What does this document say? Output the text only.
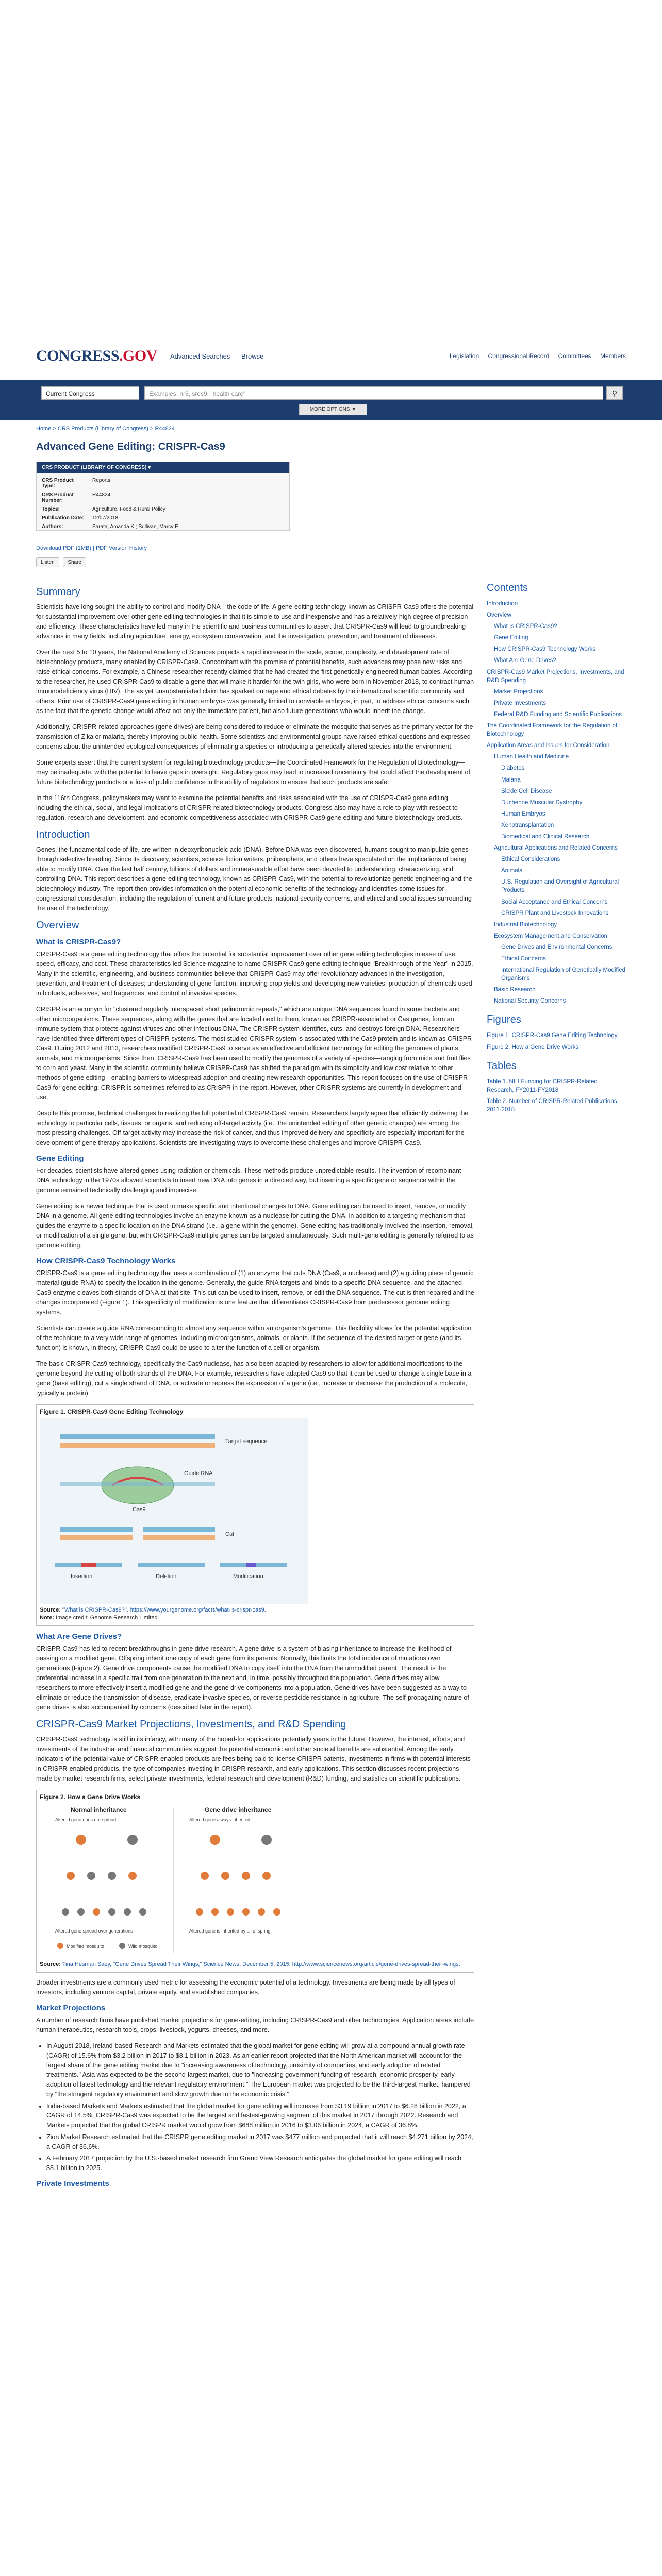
CONGRESS.GOV Advanced Searches Browse	Legislation Congressional Record Committees Members
Current Congress	Examples: hr5, sres9, "health care"	⚲
MORE OPTIONS ▼
Home > CRS Products (Library of Congress) > R44824
Advanced Gene Editing: CRISPR-Cas9
CRS PRODUCT (LIBRARY OF CONGRESS) ▾
CRS Product Type:	Reports
CRS Product Number:	R44824
Topics:	Agriculture, Food & Rural Policy
Publication Date:	12/07/2018
Authors:	Sarata, Amanda K.; Sullivan, Marcy E.
Download PDF (1MB) | PDF Version History
Listen	Share
Summary

Scientists have long sought the ability to control and modify DNA—the code of life. A gene-editing technology known as CRISPR-Cas9 offers the potential for substantial improvement over other gene editing technologies in that it is simple to use and inexpensive and has a relatively high degree of precision and efficiency. These characteristics have led many in the scientific and business communities to assert that CRISPR-Cas9 will lead to groundbreaking advances in many fields, including agriculture, energy, ecosystem conservation, and the investigation, prevention, and treatment of diseases.

Over the next 5 to 10 years, the National Academy of Sciences projects a rapid increase in the scale, scope, complexity, and development rate of biotechnology products, many enabled by CRISPR-Cas9. Concomitant with the promise of potential benefits, such advances may pose new risks and raise ethical concerns. For example, a Chinese researcher recently claimed that he had created the first genetically engineered human babies. According to the researcher, he used CRISPR-Cas9 to disable a gene that will make it harder for the twin girls, who were born in November 2018, to contract human immunodeficiency virus (HIV). The as yet unsubstantiated claim has sparked outrage and ethical debates by the international scientific community and others. Prior use of CRISPR-Cas9 gene editing in human embryos was generally limited to nonviable embryos, in part, to address ethical concerns such as the fact that the genetic change would affect not only the immediate patient, but also future generations who would inherit the change.

Additionally, CRISPR-related approaches (gene drives) are being considered to reduce or eliminate the mosquito that serves as the primary vector for the transmission of Zika or malaria, thereby improving public health. Some scientists and environmental groups have raised ethical questions and expressed concerns about the unintended ecological consequences of eliminating a species or introducing a genetically altered species into the environment.

Some experts assert that the current system for regulating biotechnology products—the Coordinated Framework for the Regulation of Biotechnology—may be inadequate, with the potential to leave gaps in oversight. Regulatory gaps may lead to increased uncertainty that could affect the development of future biotechnology products or a loss of public confidence in the ability of regulators to ensure that such products are safe.

In the 116th Congress, policymakers may want to examine the potential benefits and risks associated with the use of CRISPR-Cas9 gene editing, including the ethical, social, and legal implications of CRISPR-related biotechnology products. Congress also may have a role to play with respect to regulation, research and development, and economic competitiveness associated with CRISPR-Cas9 gene editing and future biotechnology products.

Introduction

Genes, the fundamental code of life, are written in deoxyribonucleic acid (DNA). Before DNA was even discovered, humans sought to manipulate genes through selective breeding. Since its discovery, scientists, science fiction writers, philosophers, and others have speculated on the implications of being able to modify DNA. Over the last half century, billions of dollars and immeasurable effort have been devoted to understanding, characterizing, and controlling DNA. This report describes a gene-editing technology, known as CRISPR-Cas9, with the potential to revolutionize genetic engineering and the biotechnology industry. The report then provides information on the potential economic benefits of the technology and identifies some issues for congressional consideration, including the regulation of current and future products, national security concerns, and ethical and social issues surrounding the use of the technology.

Overview
What Is CRISPR-Cas9?

CRISPR-Cas9 is a gene editing technology that offers the potential for substantial improvement over other gene editing technologies in ease of use, speed, efficacy, and cost. These characteristics led Science magazine to name CRISPR-Cas9 gene editing technique "Breakthrough of the Year" in 2015. Many in the scientific, engineering, and business communities believe that CRISPR-Cas9 may offer revolutionary advances in the investigation, prevention, and treatment of diseases; understanding of gene function; improving crop yields and developing new varieties; production of chemicals used in biofuels, adhesives, and fragrances; and control of invasive species.

CRISPR is an acronym for "clustered regularly interspaced short palindromic repeats," which are unique DNA sequences found in some bacteria and other microorganisms. These sequences, along with the genes that are located next to them, known as CRISPR-associated or Cas genes, form an immune system that protects against viruses and other infectious DNA. The CRISPR system identifies, cuts, and destroys foreign DNA. Researchers have identified three different types of CRISPR systems. The most studied CRISPR system is associated with the Cas9 protein and is known as CRISPR-Cas9. During 2012 and 2013, researchers modified CRISPR-Cas9 to serve as an effective and efficient technology for editing the genomes of plants, animals, and microorganisms. Since then, CRISPR-Cas9 has been used to modify the genomes of a variety of species—ranging from mice and fruit flies to corn and yeast. Many in the scientific community believe CRISPR-Cas9 has shifted the paradigm with its simplicity and low cost relative to other methods of gene editing—enabling barriers to widespread adoption and creating new research opportunities. This report focuses on the use of CRISPR-Cas9 for gene editing; CRISPR is sometimes referred to as CRISPR in the report. However, other CRISPR systems are currently in development and use.

Despite this promise, technical challenges to realizing the full potential of CRISPR-Cas9 remain. Researchers largely agree that efficiently delivering the technology to particular cells, tissues, or organs, and reducing off-target activity (i.e., the unintended editing of other genetic changes) are among the most pressing challenges. Off-target activity may increase the risk of cancer, and thus improved delivery and specificity are especially important for the development of gene therapy applications. Scientists are investigating ways to overcome these challenges and improve CRISPR-Cas9.

Gene Editing

For decades, scientists have altered genes using radiation or chemicals. These methods produce unpredictable results. The invention of recombinant DNA technology in the 1970s allowed scientists to insert new DNA into genes in a directed way, but inserting a specific gene or sequence within the genome remained technically challenging and imprecise.

Gene editing is a newer technique that is used to make specific and intentional changes to DNA. Gene editing can be used to insert, remove, or modify DNA in a genome. All gene editing technologies involve an enzyme known as a nuclease for cutting the DNA, in addition to a targeting mechanism that guides the enzyme to a specific location on the DNA strand (i.e., a gene within the genome). Gene editing has traditionally involved the insertion, removal, or modification of a single gene, but with CRISPR-Cas9 multiple genes can be targeted simultaneously. Such multi-gene editing is generally referred to as genome editing.

How CRISPR-Cas9 Technology Works

CRISPR-Cas9 is a gene editing technology that uses a combination of (1) an enzyme that cuts DNA (Cas9, a nuclease) and (2) a guiding piece of genetic material (guide RNA) to specify the location in the genome. Generally, the guide RNA targets and binds to a specific DNA sequence, and the attached Cas9 enzyme cleaves both strands of DNA at that site. This cut can be used to insert, remove, or edit the DNA sequence. The cut is then repaired and the changes incorporated (Figure 1). This specificity of modification is one feature that differentiates CRISPR-Cas9 from predecessor genome editing systems.

Scientists can create a guide RNA corresponding to almost any sequence within an organism's genome. This flexibility allows for the potential application of the technique to a very wide range of genomes, including microorganisms, animals, or plants. If the sequence of the desired target or gene (and its function) is known, in theory, CRISPR-Cas9 could be used to alter the function of a cell or organism.

The basic CRISPR-Cas9 technology, specifically the Cas9 nuclease, has also been adapted by researchers to allow for additional modifications to the genome beyond the cutting of both strands of the DNA. For example, researchers have adapted Cas9 so that it can be used to change a single base in a gene (base editing), cut a single strand of DNA, or activate or repress the expression of a gene (i.e., increase or decrease the production of a molecule, typically a protein).

Figure 1. CRISPR-Cas9 Gene Editing Technology
Target sequence
Guide RNA
Cas9
Cut
Insertion	Deletion	Modification
Source: "What is CRISPR-Cas9?", https://www.yourgenome.org/facts/what-is-crispr-cas9.
Note: Image credit: Genome Research Limited.
What Are Gene Drives?

CRISPR-Cas9 has led to recent breakthroughs in gene drive research. A gene drive is a system of biasing inheritance to increase the likelihood of passing on a modified gene. Offspring inherit one copy of each gene from its parents. Normally, this limits the total incidence of mutations over generations (Figure 2). Gene drive components cause the modified DNA to copy itself into the DNA from the unmodified parent. The result is the preferential increase in a specific trait from one generation to the next and, in time, possibly throughout the population. Gene drives may allow researchers to more effectively insert a modified gene and the gene drive components into a population. Gene drives have been suggested as a way to eliminate or reduce the transmission of disease, eradicate invasive species, or reverse pesticide resistance in agriculture. The self-propagating nature of gene drives is also accompanied by concerns (described later in the report).

CRISPR-Cas9 Market Projections, Investments, and R&D Spending

CRISPR-Cas9 technology is still in its infancy, with many of the hoped-for applications potentially years in the future. However, the interest, efforts, and investments of the industrial and financial communities suggest the potential economic and other societal benefits are substantial. Among the early indicators of the potential value of CRISPR-enabled products are fees being paid to license CRISPR patents, investments in firms with potential interests in CRISPR-enabled products, the type of companies investing in CRISPR research, and early applications. This section discusses recent projections made by market research firms, select private investments, federal research and development (R&D) funding, and statistics on scientific publications.

Figure 2. How a Gene Drive Works
Normal inheritance	Gene drive inheritance
Altered gene does not spread	Altered gene always inherited
Altered gene spread over generations	Altered gene is inherited by all offspring
Modified mosquito	Wild mosquito
Source: Tina Hesman Saey, "Gene Drives Spread Their Wings," Science News, December 5, 2015, http://www.sciencenews.org/article/gene-drives-spread-their-wings.

Broader investments are a commonly used metric for assessing the economic potential of a technology. Investments are being made by all types of investors, including venture capital, private equity, and established companies.

Market Projections

A number of research firms have published market projections for gene-editing, including CRISPR-Cas9 and other technologies. Application areas include human therapeutics, research tools, crops, livestock, yogurts, cheeses, and more.

• In August 2018, Ireland-based Research and Markets estimated that the global market for gene editing will grow at a compound annual growth rate (CAGR) of 15.6% from $3.2 billion in 2017 to $8.1 billion in 2023. As an earlier report projected that the North American market will account for the largest share of the gene editing market due to "increasing awareness of technology, proximity of companies, and early adoption of related treatments." Asia was expected to be the second-largest market, due to "increasing government funding of research, economic prosperity, early adoption of latest technology and the relevant regulatory environment." The European market was projected to be the third-largest market, hampered by "the stringent regulatory environment and slow growth due to the economic crisis."
• India-based Markets and Markets estimated that the global market for gene editing will increase from $3.19 billion in 2017 to $6.28 billion in 2022, a CAGR of 14.5%. CRISPR-Cas9 was expected to be the largest and fastest-growing segment of this market in 2017 through 2022. Research and Markets projected that the global CRISPR market would grow from $688 million in 2016 to $3.06 billion in 2024, a CAGR of 36.8%.
• Zion Market Research estimated that the CRISPR gene editing market in 2017 was $477 million and projected that it will reach $4.271 billion by 2024, a CAGR of 36.6%.
• A February 2017 projection by the U.S.-based market research firm Grand View Research anticipates the global market for gene editing will reach $8.1 billion in 2025.
Private Investments
Contents
Introduction
Overview
What Is CRISPR-Cas9?
Gene Editing
How CRISPR-Cas9 Technology Works
What Are Gene Drives?
CRISPR-Cas9 Market Projections, Investments, and R&D Spending
Market Projections
Private Investments
Federal R&D Funding and Scientific Publications
The Coordinated Framework for the Regulation of Biotechnology
Application Areas and Issues for Consideration
Human Health and Medicine
Diabetes
Malaria
Sickle Cell Disease
Duchenne Muscular Dystrophy
Human Embryos
Xenotransplantation
Biomedical and Clinical Research
Agricultural Applications and Related Concerns
Ethical Considerations
Animals
U.S. Regulation and Oversight of Agricultural Products
Social Acceptance and Ethical Concerns
CRISPR Plant and Livestock Innovations
Industrial Biotechnology
Ecosystem Management and Conservation
Gene Drives and Environmental Concerns
Ethical Concerns
International Regulation of Genetically Modified Organisms
Basic Research
National Security Concerns
Figures
Figure 1. CRISPR-Cas9 Gene Editing Technology
Figure 2. How a Gene Drive Works
Tables
Table 1. NIH Funding for CRISPR-Related Research, FY2011-FY2018
Table 2. Number of CRISPR-Related Publications, 2011-2018
